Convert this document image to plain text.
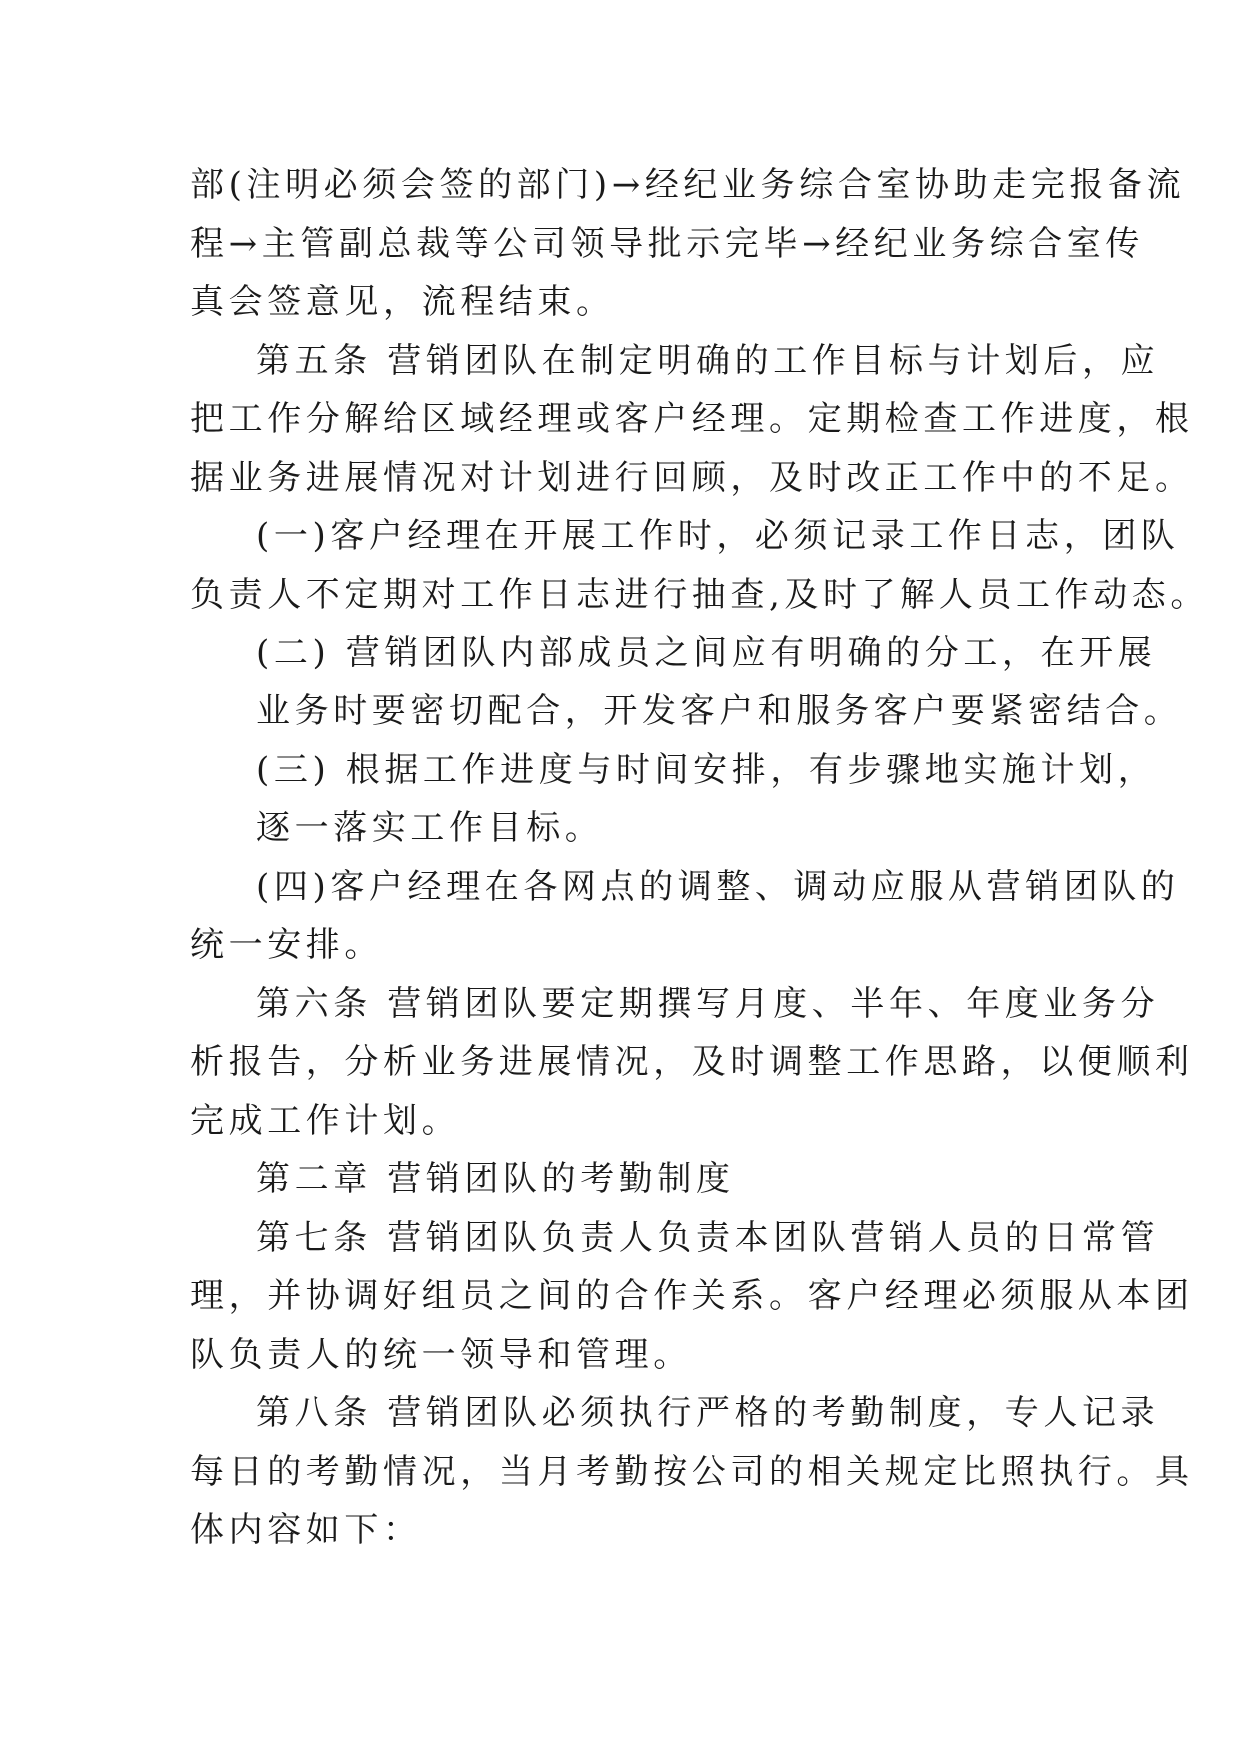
部(注明必须会签的部门)→经纪业务综合室协助走完报备流
程→主管副总裁等公司领导批示完毕→经纪业务综合室传
真会签意见，流程结束。
第五条 营销团队在制定明确的工作目标与计划后，应
把工作分解给区域经理或客户经理。定期检查工作进度，根
据业务进展情况对计划进行回顾，及时改正工作中的不足。
(一)客户经理在开展工作时，必须记录工作日志，团队
负责人不定期对工作日志进行抽查,及时了解人员工作动态。
(二) 营销团队内部成员之间应有明确的分工，在开展
业务时要密切配合，开发客户和服务客户要紧密结合。
(三) 根据工作进度与时间安排，有步骤地实施计划，
逐一落实工作目标。
(四)客户经理在各网点的调整、调动应服从营销团队的
统一安排。
第六条 营销团队要定期撰写月度、半年、年度业务分
析报告，分析业务进展情况，及时调整工作思路，以便顺利
完成工作计划。
第二章 营销团队的考勤制度
第七条 营销团队负责人负责本团队营销人员的日常管
理，并协调好组员之间的合作关系。客户经理必须服从本团
队负责人的统一领导和管理。
第八条 营销团队必须执行严格的考勤制度，专人记录
每日的考勤情况，当月考勤按公司的相关规定比照执行。具
体内容如下：
